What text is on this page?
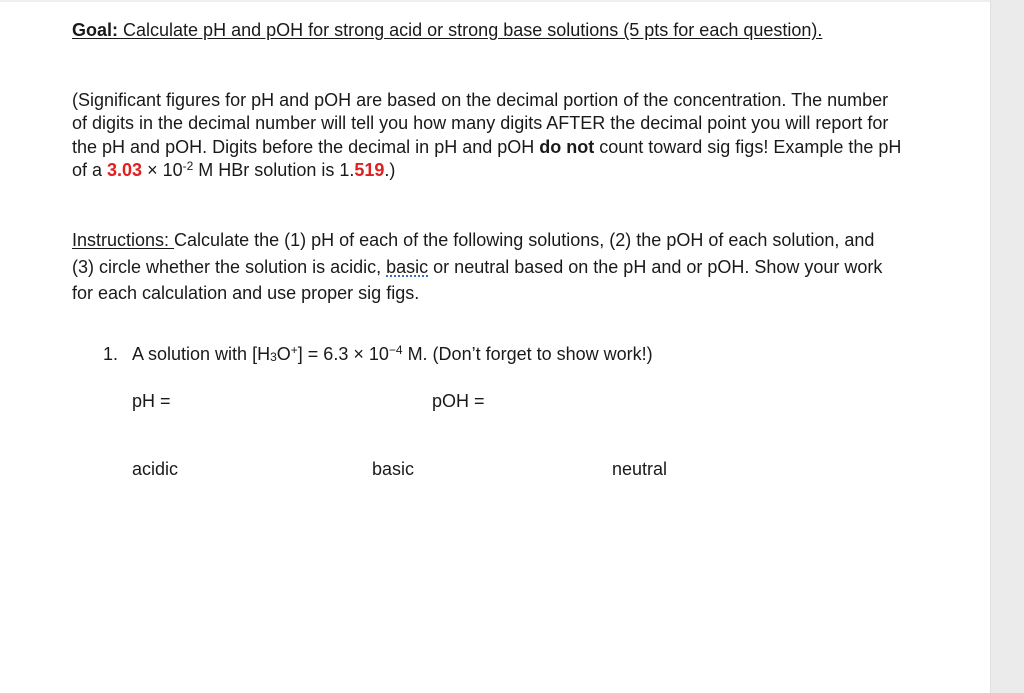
Goal: Calculate pH and pOH for strong acid or strong base solutions (5 pts for each question).
(Significant figures for pH and pOH are based on the decimal portion of the concentration. The number of digits in the decimal number will tell you how many digits AFTER the decimal point you will report for the pH and pOH. Digits before the decimal in pH and pOH do not count toward sig figs! Example the pH of a $3.03 \times 10^{-2}$ M HBr solution is 1.519.)
Instructions: Calculate the (1) pH of each of the following solutions, (2) the pOH of each solution, and (3) circle whether the solution is acidic, basic or neutral based on the pH and or pOH. Show your work for each calculation and use proper sig figs.
1. A solution with $[H_3O^+] = 6.3 \times 10^{-4}$ M. (Don’t forget to show work!)
pH =	pOH =
acidic	basic	neutral
